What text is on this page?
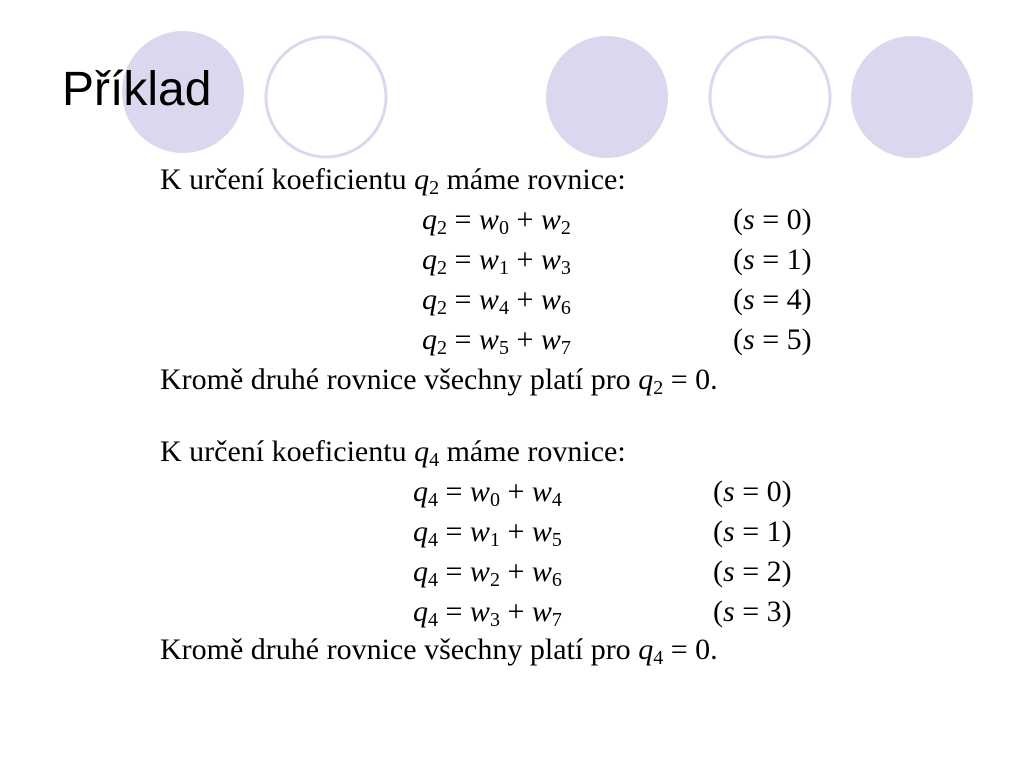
Příklad
K určení koeficientu $q_2$ máme rovnice:
$q_2 = w_0 + w_2$	(s = 0)
$q_2 = w_1 + w_3$	(s = 1)
$q_2 = w_4 + w_6$	(s = 4)
$q_2 = w_5 + w_7$	(s = 5)
Kromě druhé rovnice všechny platí pro $q_2 = 0$.
K určení koeficientu $q_4$ máme rovnice:
$q_4 = w_0 + w_4$	(s = 0)
$q_4 = w_1 + w_5$	(s = 1)
$q_4 = w_2 + w_6$	(s = 2)
$q_4 = w_3 + w_7$	(s = 3)
Kromě druhé rovnice všechny platí pro $q_4 = 0$.
